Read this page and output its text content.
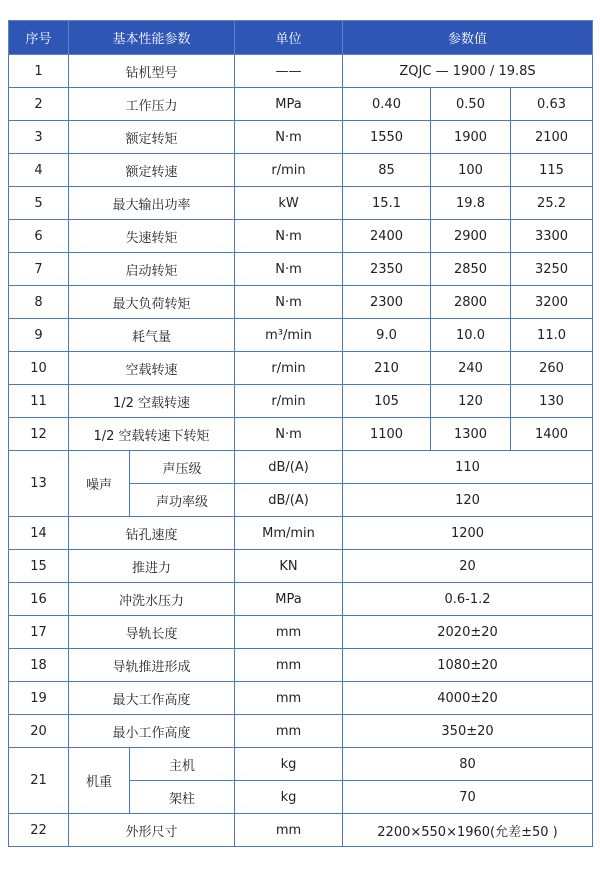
序号	基本性能参数		单位	参数值		
1	钻机型号		——	ZQJC — 1900 / 19.8S		
2	工作压力		MPa	0.40	0.50	0.63
3	额定转矩		N·m	1550	1900	2100
4	额定转速		r/min	85	100	115
5	最大输出功率		kW	15.1	19.8	25.2
6	失速转矩		N·m	2400	2900	3300
7	启动转矩		N·m	2350	2850	3250
8	最大负荷转矩		N·m	2300	2800	3200
9	耗气量		m³/min	9.0	10.0	11.0
10	空载转速		r/min	210	240	260
11	1/2 空载转速		r/min	105	120	130
12	1/2 空载转速下转矩		N·m	1100	1300	1400
13	噪声	声压级	dB/(A)	110		
		声功率级	dB/(A)	120		
14	钻孔速度		Mm/min	1200		
15	推进力		KN	20		
16	冲洗水压力		MPa	0.6-1.2		
17	导轨长度		mm	2020±20		
18	导轨推进形成		mm	1080±20		
19	最大工作高度		mm	4000±20		
20	最小工作高度		mm	350±20		
21	机重	主机	kg	80		
		架柱	kg	70		
22	外形尺寸		mm	2200×550×1960(允差±50 )		
